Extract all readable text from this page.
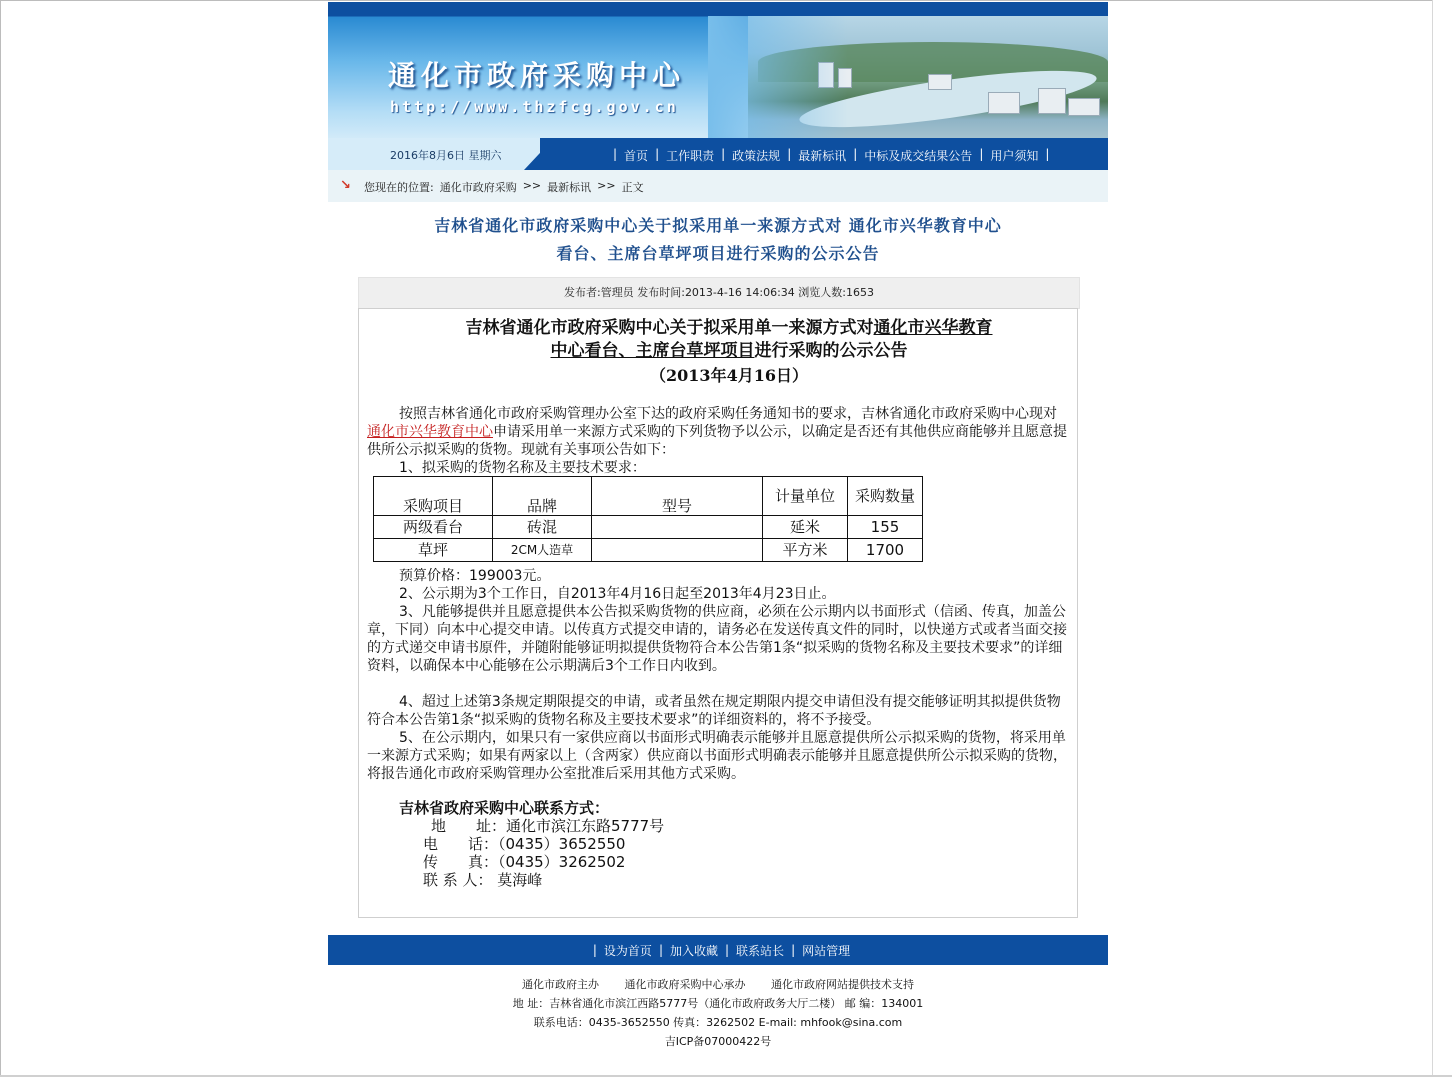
通化市政府采购中心
http://www.thzfcg.gov.cn
2016年8月6日 星期六	| 首页 | 工作职责 | 政策法规 | 最新标讯 | 中标及成交结果公告 | 用户须知 |
↘ 您现在的位置: 通化市政府采购 >> 最新标讯 >> 正文
吉林省通化市政府采购中心关于拟采用单一来源方式对 通化市兴华教育中心
看台、主席台草坪项目进行采购的公示公告
发布者:管理员 发布时间:2013-4-16 14:06:34 浏览人数:1653
吉林省通化市政府采购中心关于拟采用单一来源方式对通化市兴华教育
中心看台、主席台草坪项目进行采购的公示公告
（2013年4月16日）
按照吉林省通化市政府采购管理办公室下达的政府采购任务通知书的要求，吉林省通化市政府采购中心现对通化市兴华教育中心申请采用单一来源方式采购的下列货物予以公示，以确定是否还有其他供应商能够并且愿意提供所公示拟采购的货物。现就有关事项公告如下：
1、拟采购的货物名称及主要技术要求：
采购项目	品牌	型号	计量单位	采购数量
两级看台	砖混		延米	155
草坪	2CM人造草		平方米	1700
预算价格：199003元。
2、公示期为3个工作日，自2013年4月16日起至2013年4月23日止。
3、凡能够提供并且愿意提供本公告拟采购货物的供应商，必须在公示期内以书面形式（信函、传真，加盖公章，下同）向本中心提交申请。以传真方式提交申请的，请务必在发送传真文件的同时，以快递方式或者当面交接的方式递交申请书原件，并随附能够证明拟提供货物符合本公告第1条“拟采购的货物名称及主要技术要求”的详细资料，以确保本中心能够在公示期满后3个工作日内收到。
4、超过上述第3条规定期限提交的申请，或者虽然在规定期限内提交申请但没有提交能够证明其拟提供货物符合本公告第1条“拟采购的货物名称及主要技术要求”的详细资料的，将不予接受。
5、在公示期内，如果只有一家供应商以书面形式明确表示能够并且愿意提供所公示拟采购的货物，将采用单一来源方式采购；如果有两家以上（含两家）供应商以书面形式明确表示能够并且愿意提供所公示拟采购的货物，将报告通化市政府采购管理办公室批准后采用其他方式采购。
吉林省政府采购中心联系方式：
地　　址：通化市滨江东路5777号
电　　话：（0435）3652550
传　　真：（0435）3262502
联 系 人： 莫海峰
| 设为首页 | 加入收藏 | 联系站长 | 网站管理
通化市政府主办 通化市政府采购中心承办 通化市政府网站提供技术支持
地 址：吉林省通化市滨江西路5777号（通化市政府政务大厅二楼） 邮 编：134001
联系电话：0435-3652550 传真：3262502 E-mail: mhfook@sina.com
吉ICP备07000422号
